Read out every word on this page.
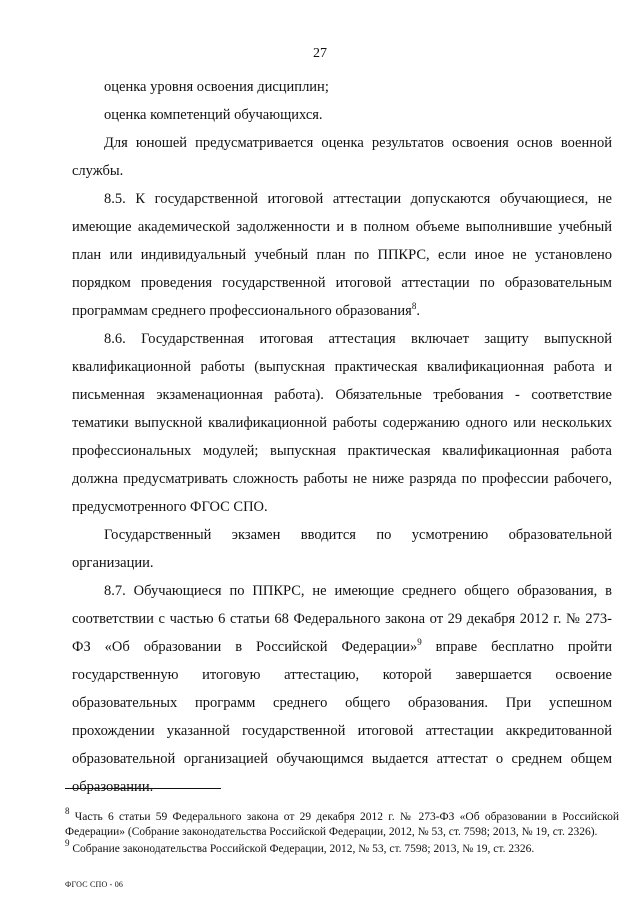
27

оценка уровня освоения дисциплин;

оценка компетенций обучающихся.

Для юношей предусматривается оценка результатов освоения основ военной службы.

8.5. К государственной итоговой аттестации допускаются обучающиеся, не имеющие академической задолженности и в полном объеме выполнившие учебный план или индивидуальный учебный план по ППКРС, если иное не установлено порядком проведения государственной итоговой аттестации по образовательным программам среднего профессионального образования$^8$.

8.6. Государственная итоговая аттестация включает защиту выпускной квалификационной работы (выпускная практическая квалификационная работа и письменная экзаменационная работа). Обязательные требования - соответствие тематики выпускной квалификационной работы содержанию одного или нескольких профессиональных модулей; выпускная практическая квалификационная работа должна предусматривать сложность работы не ниже разряда по профессии рабочего, предусмотренного ФГОС СПО.

Государственный экзамен вводится по усмотрению образовательной организации.

8.7. Обучающиеся по ППКРС, не имеющие среднего общего образования, в соответствии с частью 6 статьи 68 Федерального закона от 29 декабря 2012 г. № 273-ФЗ «Об образовании в Российской Федерации»$^9$ вправе бесплатно пройти государственную итоговую аттестацию, которой завершается освоение образовательных программ среднего общего образования. При успешном прохождении указанной государственной итоговой аттестации аккредитованной образовательной организацией обучающимся выдается аттестат о среднем общем образовании.

$^8$ Часть 6 статьи 59 Федерального закона от 29 декабря 2012 г. № 273-ФЗ «Об образовании в Российской Федерации» (Собрание законодательства Российской Федерации, 2012, № 53, ст. 7598; 2013, № 19, ст. 2326).

$^9$ Собрание законодательства Российской Федерации, 2012, № 53, ст. 7598; 2013, № 19, ст. 2326.

ФГОС СПО - 06
